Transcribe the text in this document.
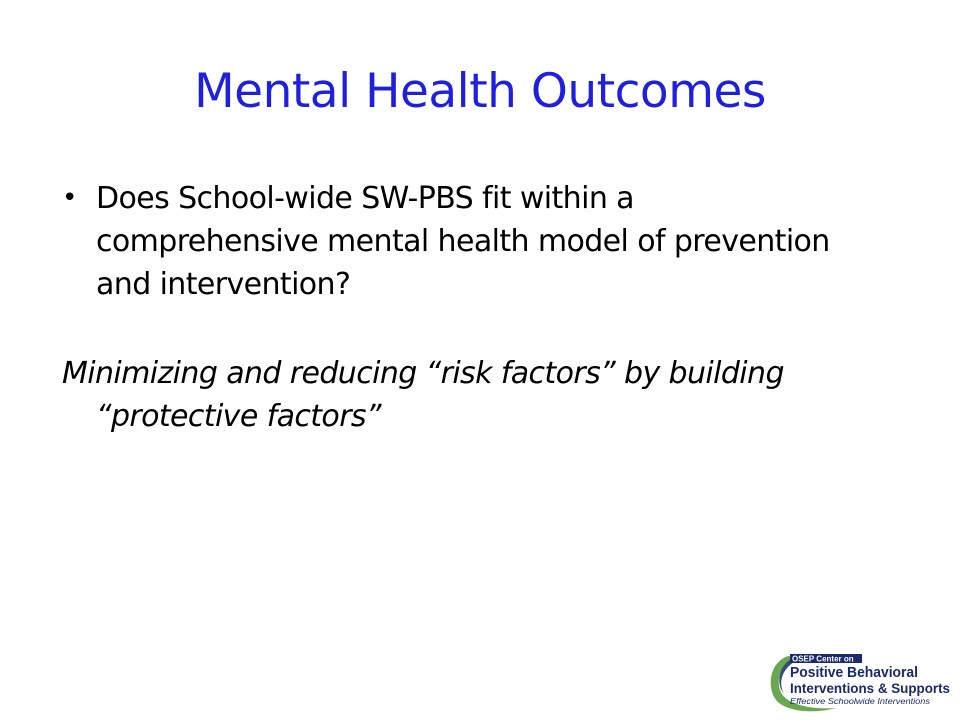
Mental Health Outcomes
• Does School-wide SW-PBS fit within a comprehensive mental health model of prevention and intervention?
Minimizing and reducing “risk factors” by building “protective factors”
OSEP Center on
Positive Behavioral
Interventions & Supports
Effective Schoolwide Interventions
